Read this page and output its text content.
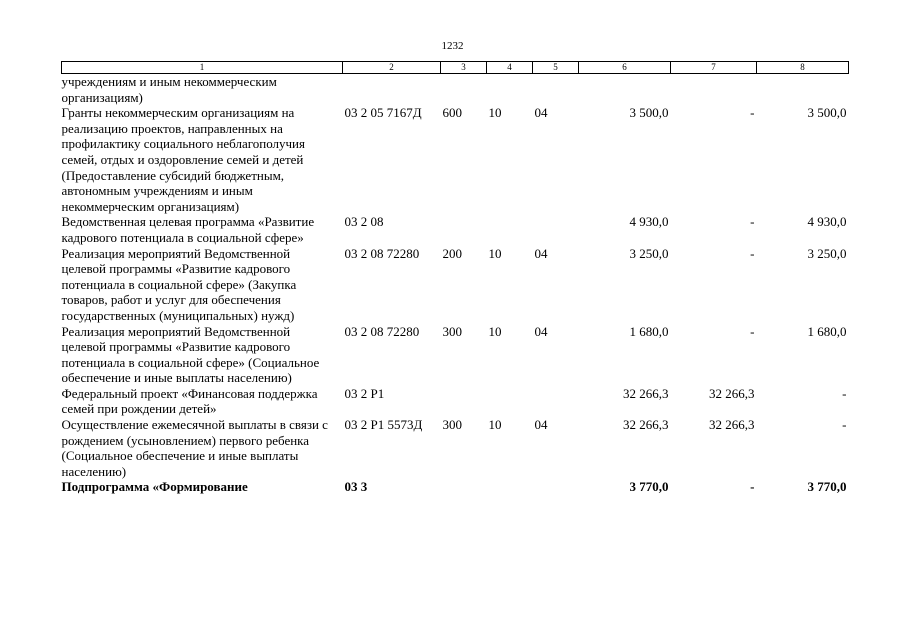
1232
1	2	3	4	5	6	7	8
учреждениям и иным некоммерческим организациям)							
Гранты некоммерческим организациям на реализацию проектов, направленных на профилактику социального неблагополучия семей, отдых и оздоровление семей и детей (Предоставление субсидий бюджетным, автономным учреждениям и иным некоммерческим организациям)	03 2 05 7167Д	600	10	04	3 500,0	-	3 500,0
Ведомственная целевая программа «Развитие кадрового потенциала в социальной сфере»	03 2 08				4 930,0	-	4 930,0
Реализация мероприятий Ведомственной целевой программы «Развитие кадрового потенциала в социальной сфере» (Закупка товаров, работ и услуг для обеспечения государственных (муниципальных) нужд)	03 2 08 72280	200	10	04	3 250,0	-	3 250,0
Реализация мероприятий Ведомственной целевой программы «Развитие кадрового потенциала в социальной сфере» (Социальное обеспечение и иные выплаты населению)	03 2 08 72280	300	10	04	1 680,0	-	1 680,0
Федеральный проект «Финансовая поддержка семей при рождении детей»	03 2 P1				32 266,3	32 266,3	-
Осуществление ежемесячной выплаты в связи с рождением (усыновлением) первого ребенка (Социальное обеспечение и иные выплаты населению)	03 2 P1 5573Д	300	10	04	32 266,3	32 266,3	-
Подпрограмма «Формирование	03 3				3 770,0	-	3 770,0
